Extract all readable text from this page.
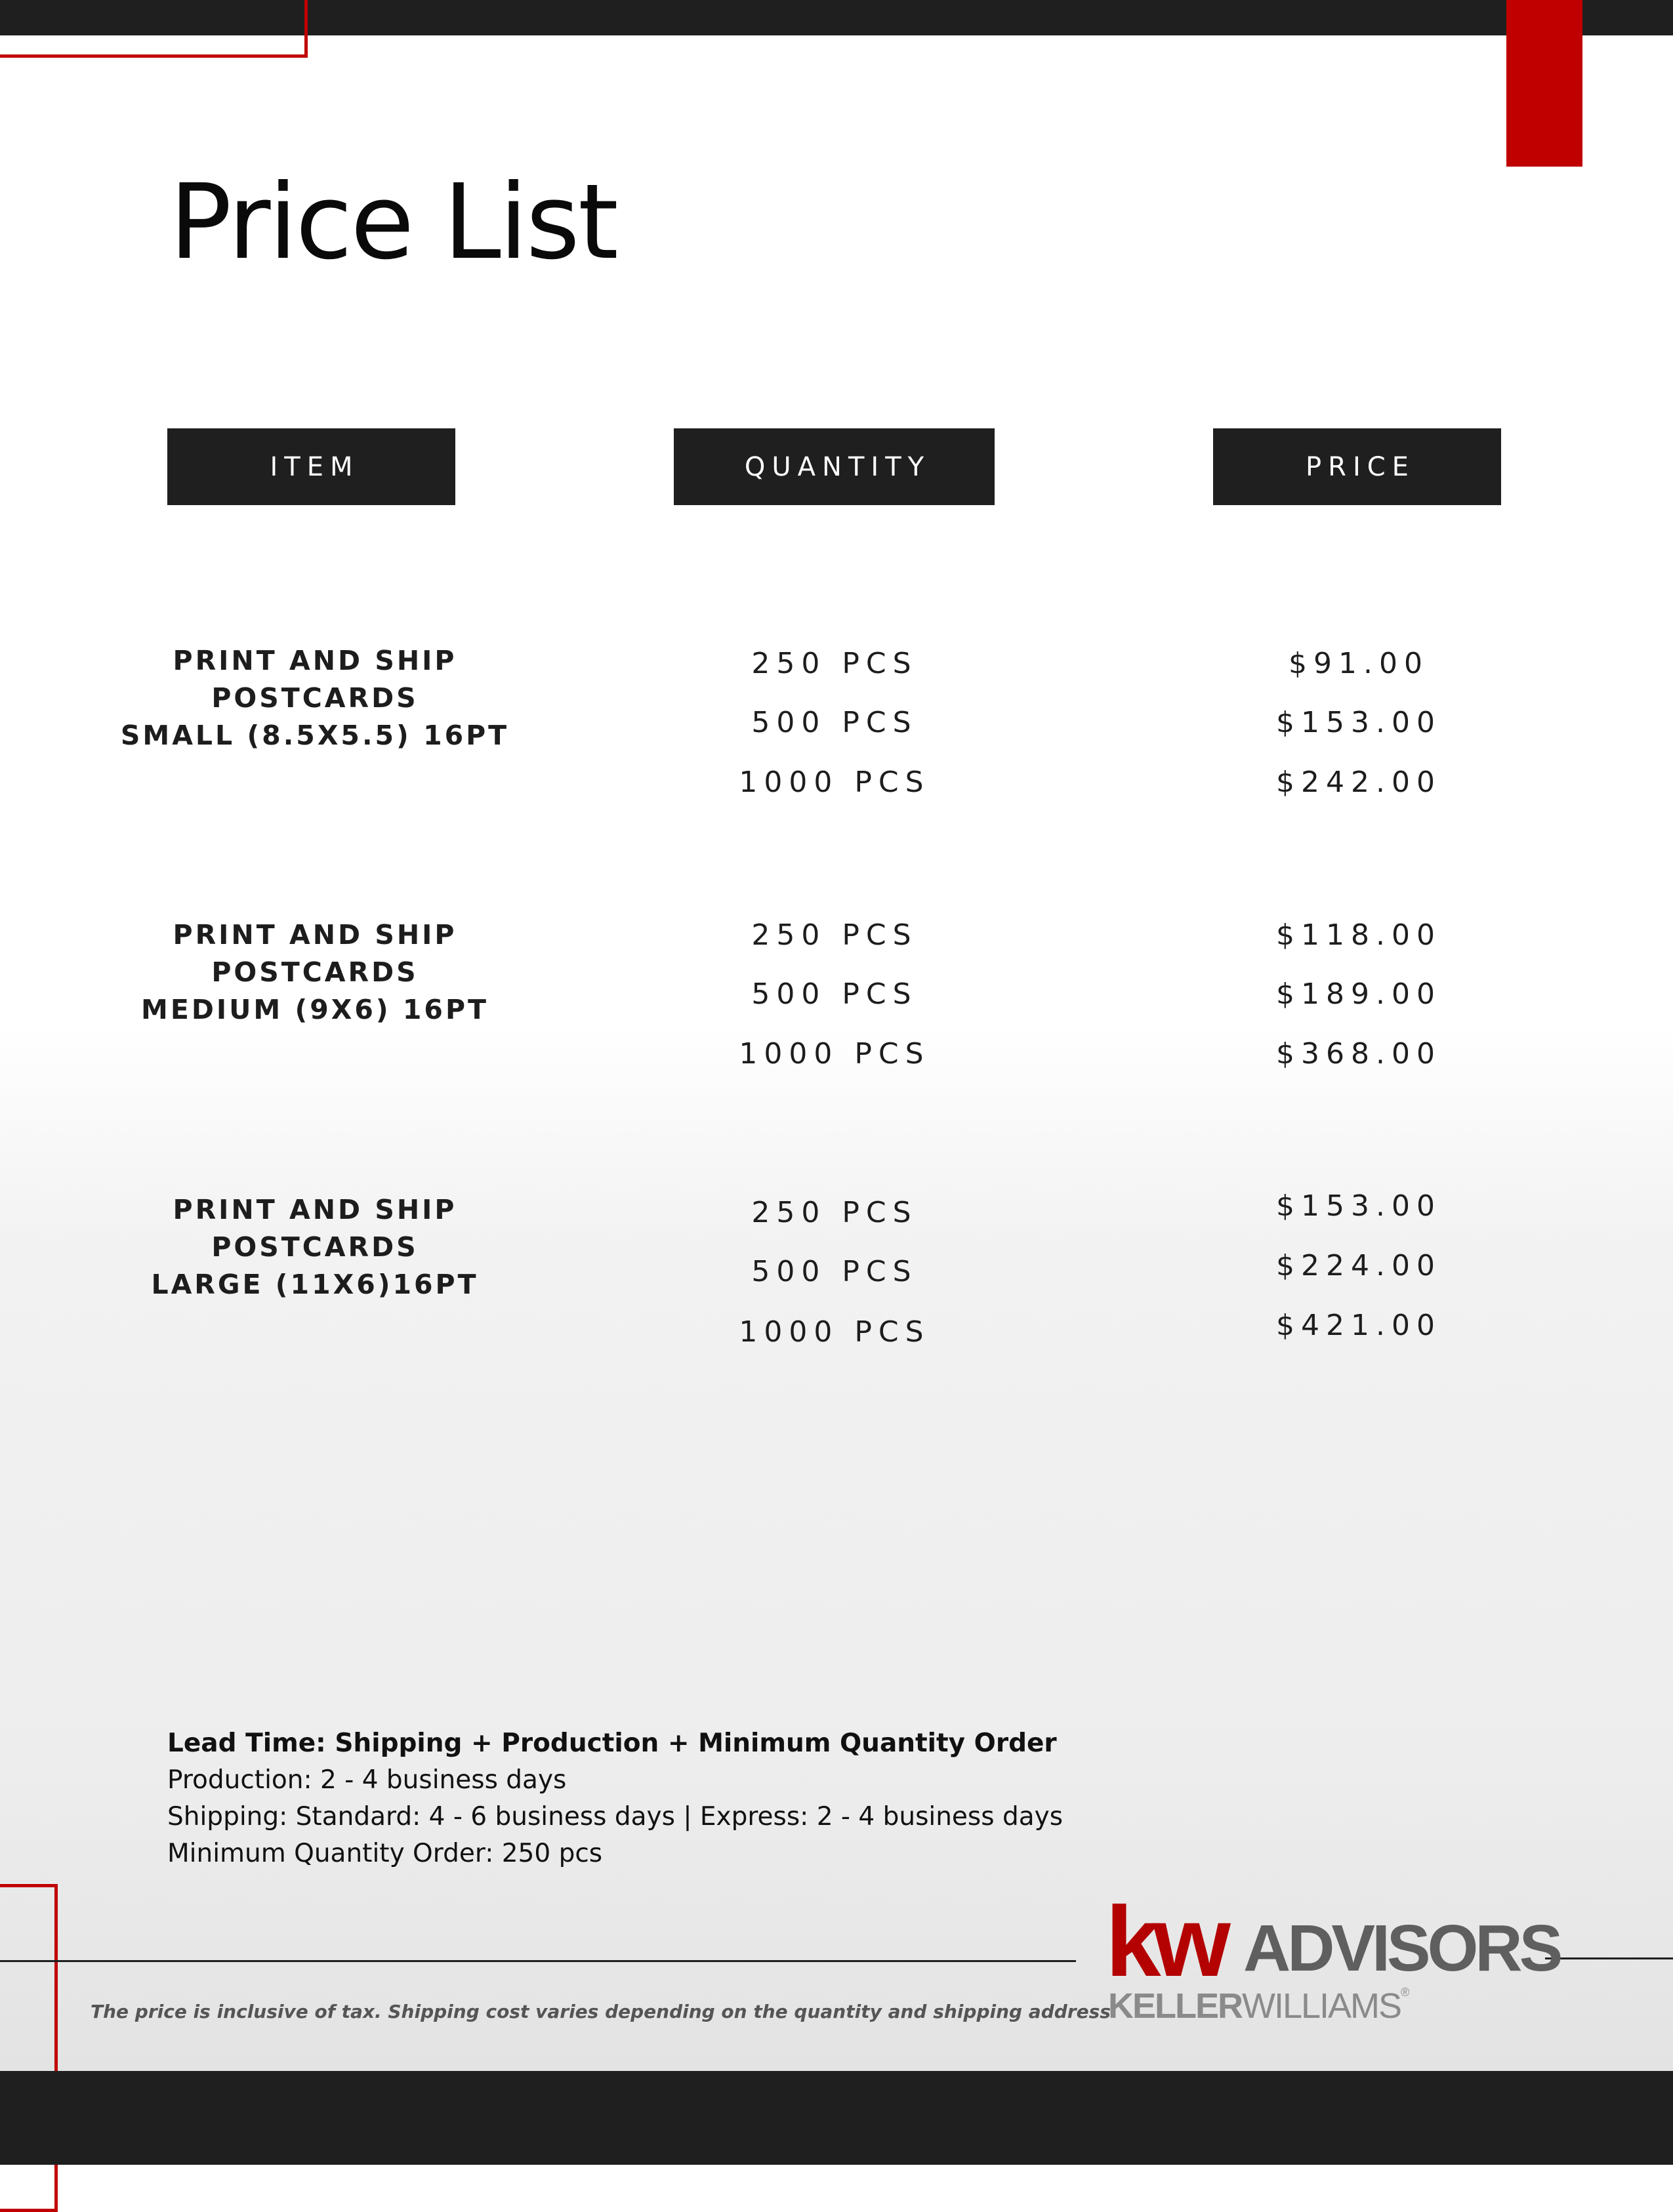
Price List
ITEM	QUANTITY	PRICE
PRINT AND SHIP
POSTCARDS
SMALL (8.5X5.5) 16PT
250 PCS
500 PCS
1000 PCS
$91.00
$153.00
$242.00
PRINT AND SHIP
POSTCARDS
MEDIUM (9X6) 16PT
250 PCS
500 PCS
1000 PCS
$118.00
$189.00
$368.00
PRINT AND SHIP
POSTCARDS
LARGE (11X6)16PT
250 PCS
500 PCS
1000 PCS
$153.00
$224.00
$421.00
Lead Time: Shipping + Production + Minimum Quantity Order
Production: 2 - 4 business days
Shipping: Standard: 4 - 6 business days | Express: 2 - 4 business days
Minimum Quantity Order: 250 pcs
The price is inclusive of tax. Shipping cost varies depending on the quantity and shipping address.
kw ADVISORS
KELLERWILLIAMS®
